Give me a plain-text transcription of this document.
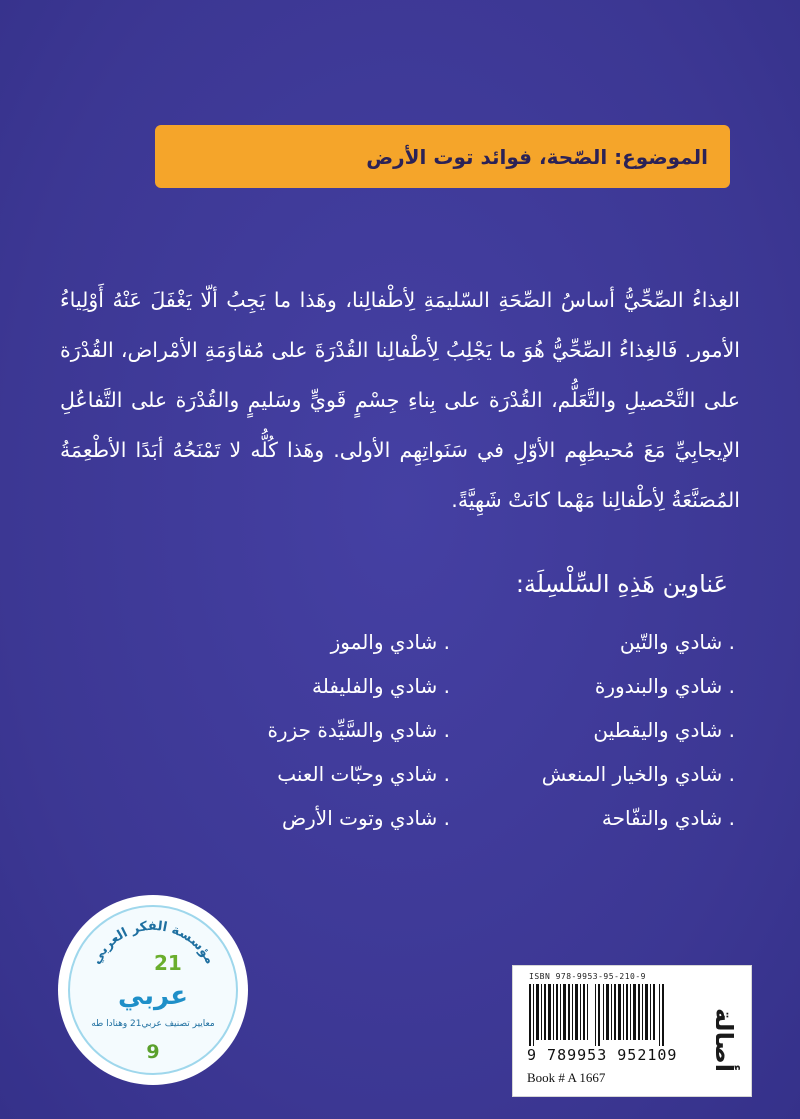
الموضوع: الصّحة، فوائد توت الأرض
الغِذاءُ الصِّحِّيُّ أساسُ الصِّحَةِ السّليمَةِ لِأطْفالِنا، وهَذا ما يَجِبُ ألّا يَغْفَلَ عَنْهُ أَوْلِياءُ الأمور. فَالغِذاءُ الصِّحِّيُّ هُوَ ما يَجْلِبُ لِأطْفالِنا القُدْرَةَ على مُقاوَمَةِ الأمْراض، القُدْرَة على التَّحْصيلِ والتَّعَلُّم، القُدْرَة على بِناءِ جِسْمٍ قَويٍّ وسَليمٍ والقُدْرَة على التَّفاعُلِ الإيجابِيِّ مَعَ مُحيطِهِم الأوّلِ في سَنَواتِهِم الأولى. وهَذا كُلُّه لا تَمْنَحُهُ أبَدًا الأطْعِمَةُ المُصَنَّعَةُ لِأطْفالِنا مَهْما كانَتْ شَهِيَّةً.
عَناوين هَذِهِ السِّلْسِلَة:
. شادي والتّين
. شادي والموز
. شادي والبندورة
. شادي والفليفلة
. شادي واليقطين
. شادي والسَّيِّدة جزرة
. شادي والخيار المنعش
. شادي وحبّات العنب
. شادي والتفّاحة
. شادي وتوت الأرض
مؤسسة الفكر العربي
21
عربي
معايير تصنيف عربي21 وهنادا طه
9
ISBN 978-9953-95-210-9
9 789953 952109
Book # A 1667
أصالة
